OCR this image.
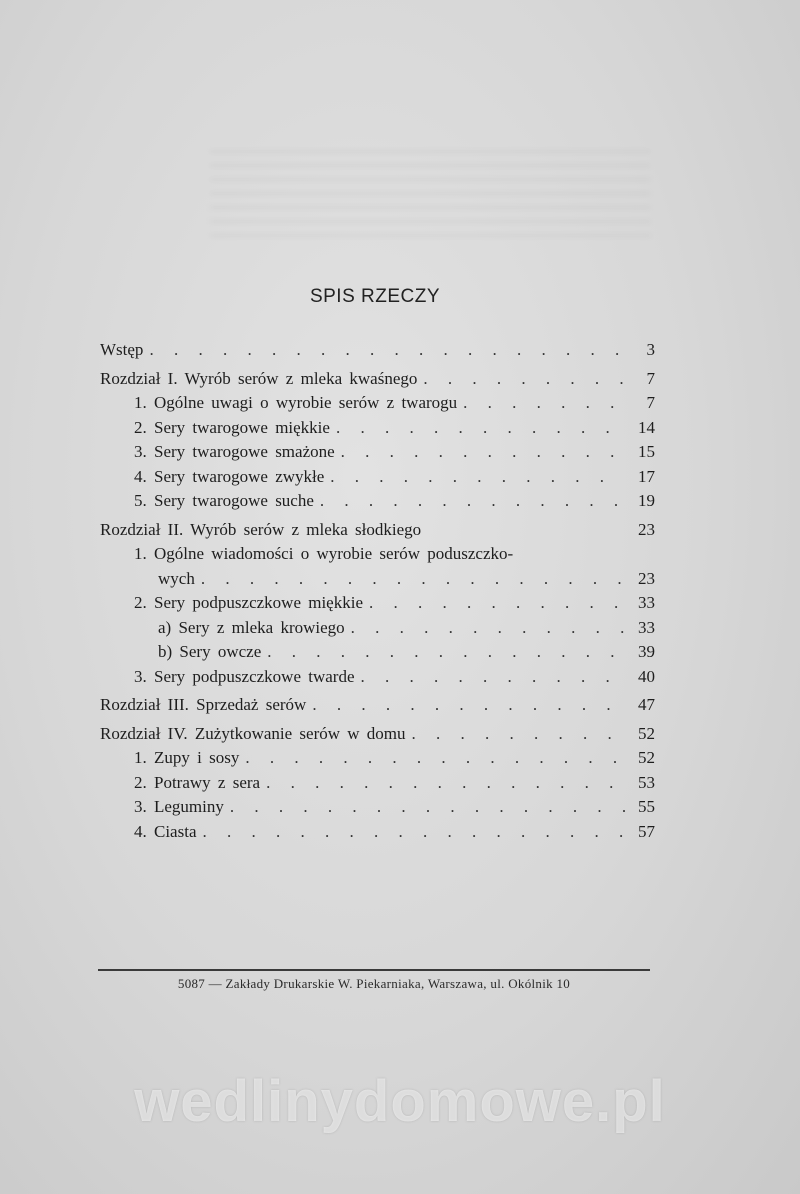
SPIS RZECZY
Wstęp . . .	3
Rozdział I. Wyrób serów z mleka kwaśnego . . .	7
1. Ogólne uwagi o wyrobie serów z twarogu . . .	7
2. Sery twarogowe miękkie . . .	14
3. Sery twarogowe smażone . . .	15
4. Sery twarogowe zwykłe . . .	17
5. Sery twarogowe suche . . .	19
Rozdział II. Wyrób serów z mleka słodkiego	23
1. Ogólne wiadomości o wyrobie serów poduszczko-
wych . . .	23
2. Sery podpuszczkowe miękkie . . .	33
a) Sery z mleka krowiego . . .	33
b) Sery owcze . . .	39
3. Sery podpuszczkowe twarde . . .	40
Rozdział III. Sprzedaż serów . . .	47
Rozdział IV. Zużytkowanie serów w domu . . .	52
1. Zupy i sosy . . .	52
2. Potrawy z sera . . .	53
3. Leguminy . . .	55
4. Ciasta . . .	57
5087 — Zakłady Drukarskie W. Piekarniaka, Warszawa, ul. Okólnik 10
wedlinydomowe.pl
